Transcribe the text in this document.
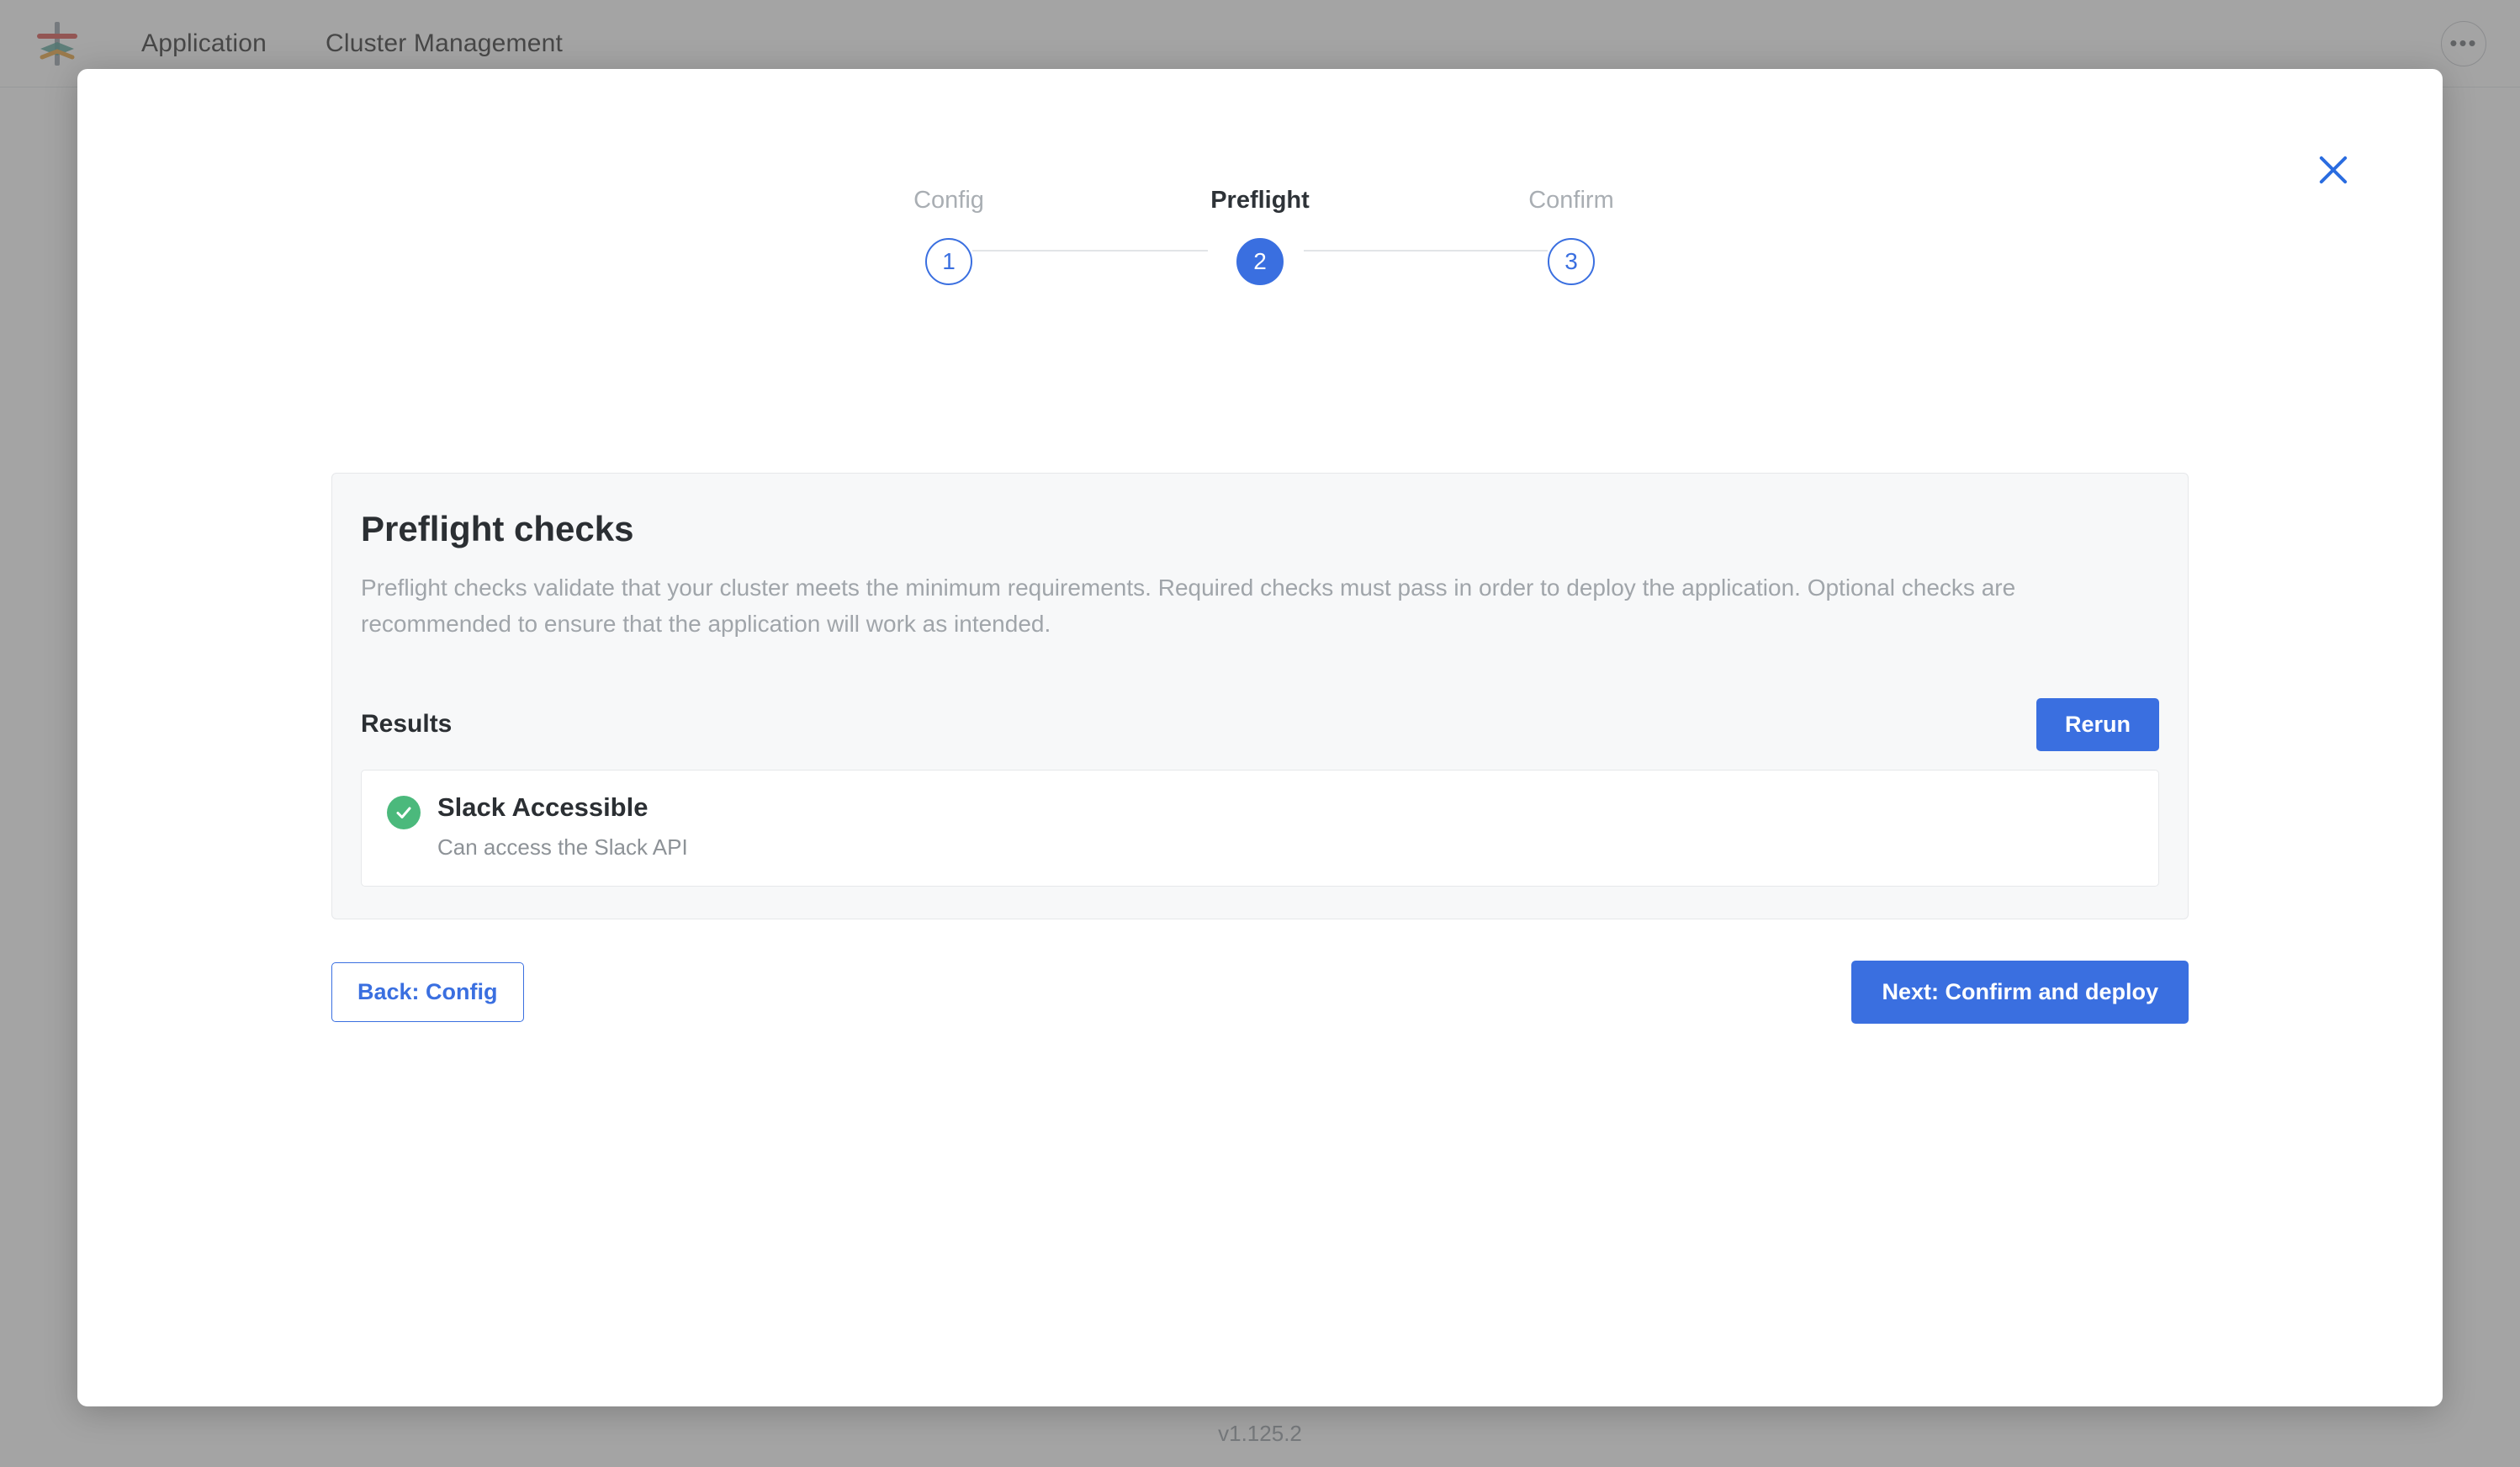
Config
1
Preflight
2
Confirm
3
Preflight checks

Preflight checks validate that your cluster meets the minimum requirements. Required checks must pass in order to deploy the application. Optional checks are recommended to ensure that the application will work as intended.

Results	Rerun
Slack Accessible
Can access the Slack API
Back: Config	Next: Confirm and deploy
